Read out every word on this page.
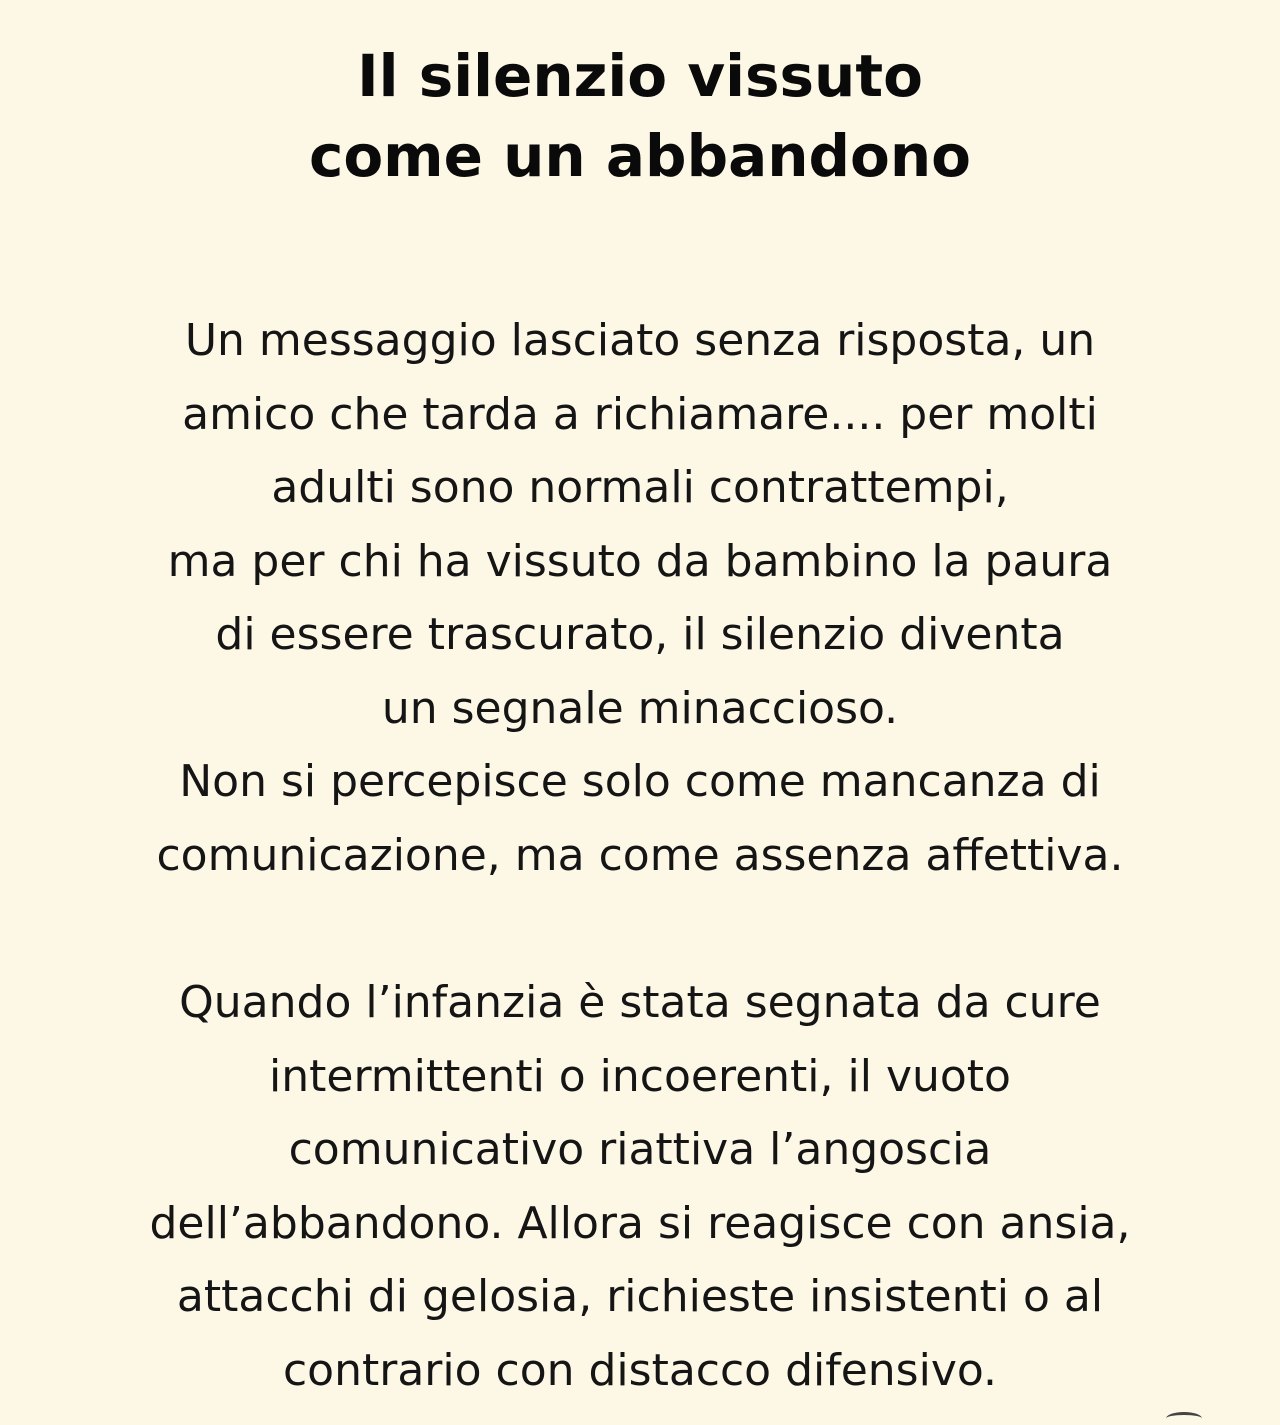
Il silenzio vissuto
come un abbandono

Un messaggio lasciato senza risposta, un
amico che tarda a richiamare.... per molti
adulti sono normali contrattempi,
ma per chi ha vissuto da bambino la paura
di essere trascurato, il silenzio diventa
un segnale minaccioso.
Non si percepisce solo come mancanza di
comunicazione, ma come assenza affettiva.

Quando l’infanzia è stata segnata da cure
intermittenti o incoerenti, il vuoto
comunicativo riattiva l’angoscia
dell’abbandono. Allora si reagisce con ansia,
attacchi di gelosia, richieste insistenti o al
contrario con distacco difensivo.
